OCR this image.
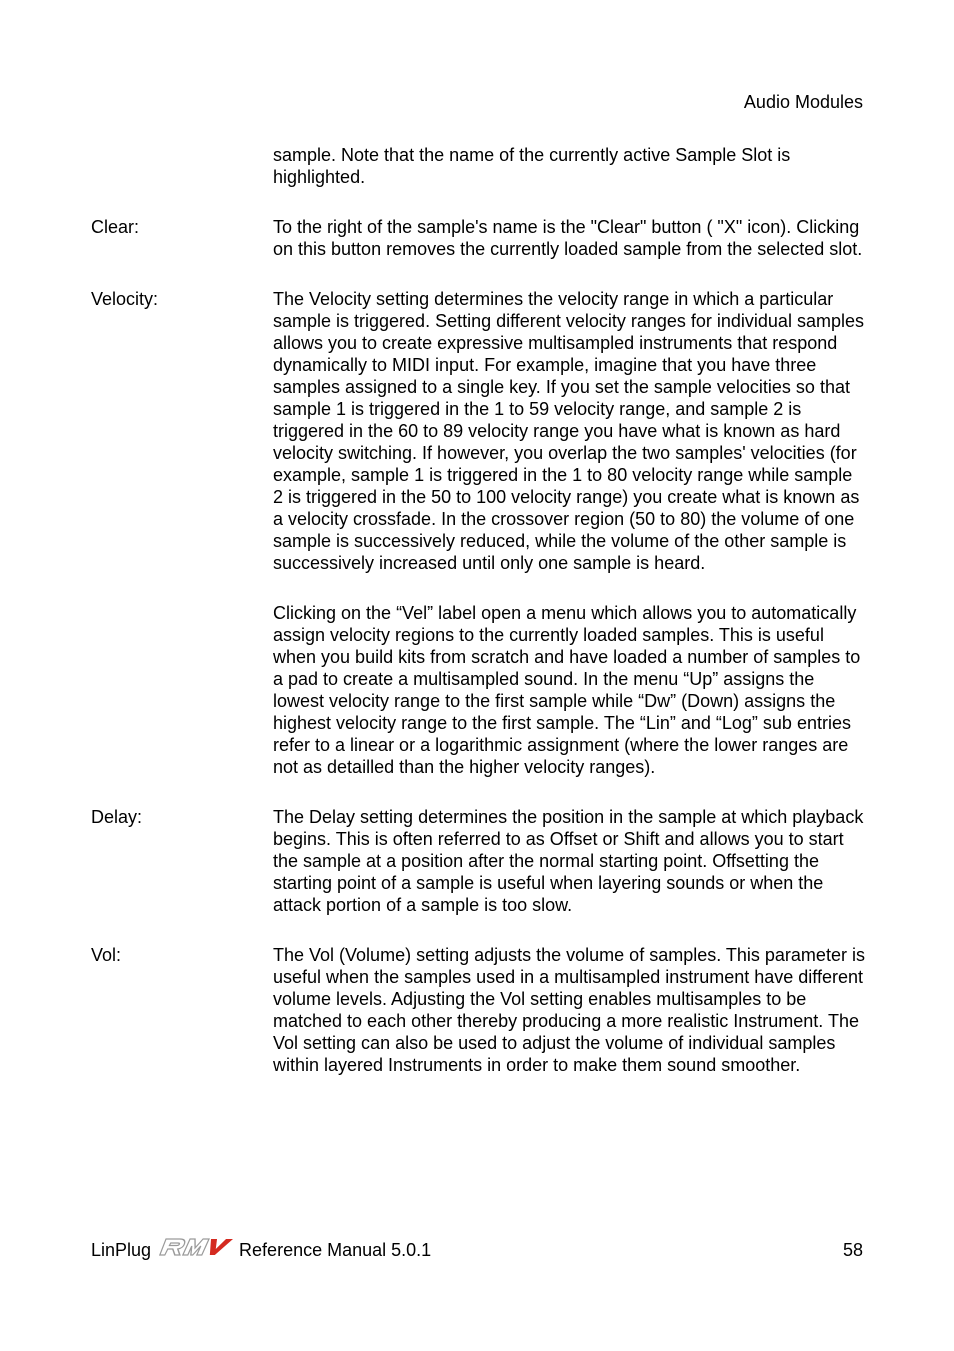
Audio Modules
sample. Note that the name of the currently active Sample Slot is highlighted.
Clear:	To the right of the sample's name is the "Clear" button ( "X" icon). Clicking on this button removes the currently loaded sample from the selected slot.
Velocity:	The Velocity setting determines the velocity range in which a particular sample is triggered. Setting different velocity ranges for individual samples allows you to create expressive multisampled instruments that respond dynamically to MIDI input. For example, imagine that you have three samples assigned to a single key. If you set the sample velocities so that sample 1 is triggered in the 1 to 59 velocity range, and sample 2 is triggered in the 60 to 89 velocity range you have what is known as hard velocity switching. If however, you overlap the two samples' velocities (for example, sample 1 is triggered in the 1 to 80 velocity range while sample 2 is triggered in the 50 to 100 velocity range) you create what is known as a velocity crossfade. In the crossover region (50 to 80) the volume of one sample is successively reduced, while the volume of the other sample is successively increased until only one sample is heard.
Clicking on the “Vel” label open a menu which allows you to automatically assign velocity regions to the currently loaded samples. This is useful when you build kits from scratch and have loaded a number of samples to a pad to create a multisampled sound. In the menu “Up” assigns the lowest velocity range to the first sample while “Dw” (Down) assigns the highest velocity range to the first sample. The “Lin” and “Log” sub entries refer to a linear or a logarithmic assignment (where the lower ranges are not as detailled than the higher velocity ranges).
Delay:	The Delay setting determines the position in the sample at which playback begins. This is often referred to as Offset or Shift and allows you to start the sample at a position after the normal starting point. Offsetting the starting point of a sample is useful when layering sounds or when the attack portion of a sample is too slow.
Vol:	The Vol (Volume) setting adjusts the volume of samples. This parameter is useful when the samples used in a multisampled instrument have different volume levels. Adjusting the Vol setting enables multisamples to be matched to each other thereby producing a more realistic Instrument. The Vol setting can also be used to adjust the volume of individual samples within layered Instruments in order to make them sound smoother.
LinPlug	Reference Manual 5.0.1	58
